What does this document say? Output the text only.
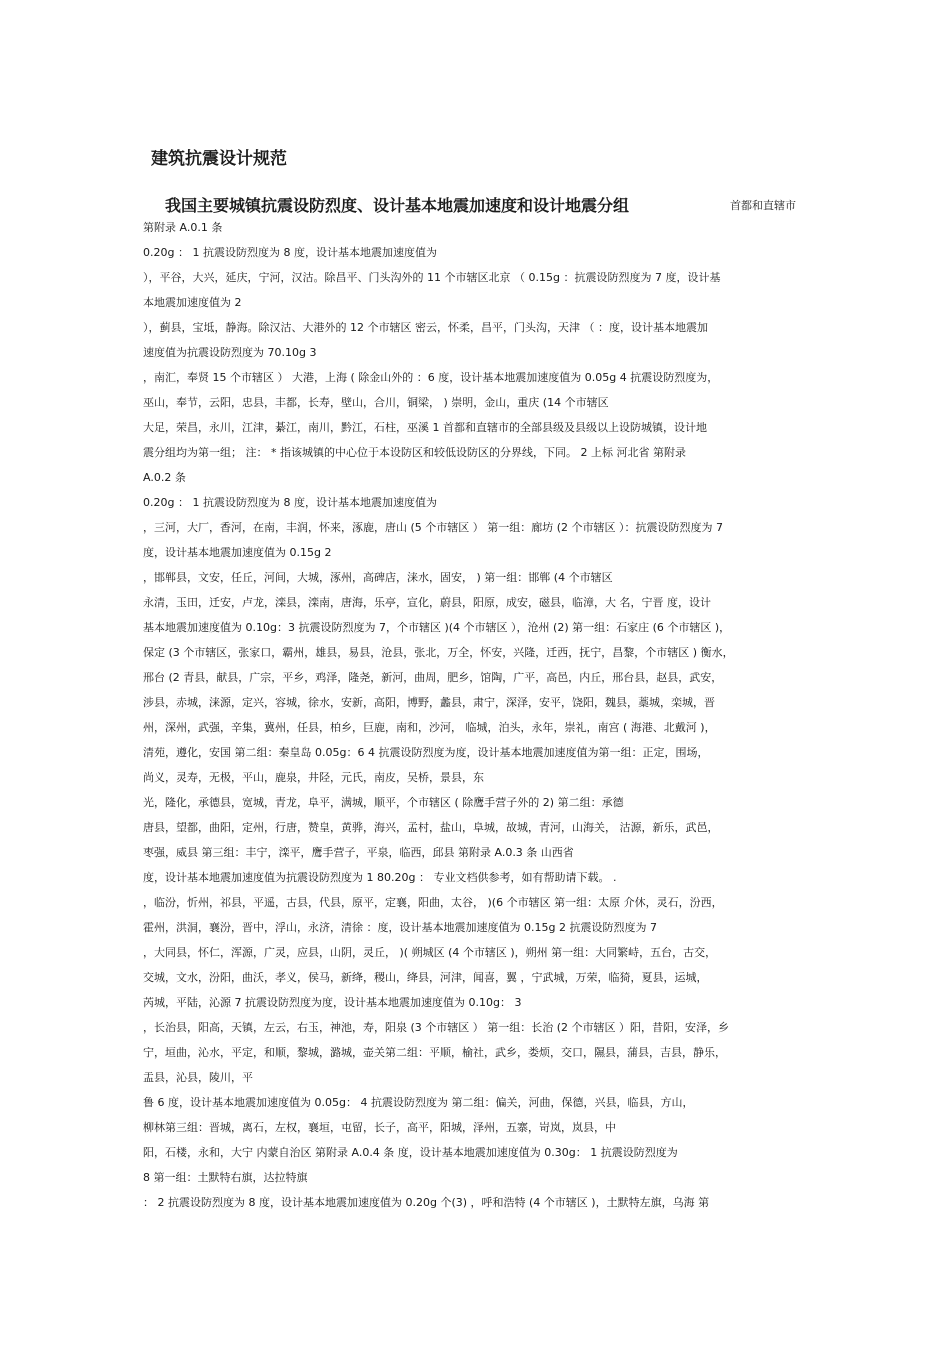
建筑抗震设计规范
我国主要城镇抗震设防烈度、设计基本地震加速度和设计地震分组	首都和直辖市
第附录 A.0.1 条
0.20g ： 1 抗震设防烈度为 8 度，设计基本地震加速度值为
），平谷，大兴，延庆，宁河，汉沽。除昌平、门头沟外的 11 个市辖区北京 （ 0.15g ：抗震设防烈度为 7 度，设计基
本地震加速度值为 2
），蓟县，宝坻，静海。除汉沽、大港外的 12 个市辖区 密云，怀柔，昌平，门头沟，天津 （ ：度，设计基本地震加
速度值为抗震设防烈度为 70.10g 3
，南汇，奉贤 15 个市辖区 ） 大港，上海 ( 除金山外的 ：6 度，设计基本地震加速度值为 0.05g 4 抗震设防烈度为，
巫山，奉节，云阳，忠县，丰都，长寿，壁山，合川，铜梁， ) 崇明，金山，重庆 (14 个市辖区
大足，荣昌，永川，江津，綦江，南川，黔江，石柱，巫溪 1 首都和直辖市的全部县级及县级以上设防城镇，设计地
震分组均为第一组； 注： * 指该城镇的中心位于本设防区和较低设防区的分界线，下同。 2 上标 河北省 第附录
A.0.2 条
0.20g ： 1 抗震设防烈度为 8 度，设计基本地震加速度值为
，三河，大厂，香河，在南，丰润，怀来，涿鹿，唐山 (5 个市辖区 ） 第一组：廊坊 (2 个市辖区 ）：抗震设防烈度为 7
度，设计基本地震加速度值为 0.15g 2
，邯郸县，文安，任丘，河间，大城，涿州，高碑店，涞水，固安， ) 第一组：邯郸 (4 个市辖区
永清，玉田，迁安，卢龙，滦县，滦南，唐海，乐亭，宣化，蔚县，阳原，成安，磁县，临漳，大 名，宁晋 度，设计
基本地震加速度值为 0.10g：3 抗震设防烈度为 7，个市辖区 )(4 个市辖区 ），沧州 (2) 第一组：石家庄 (6 个市辖区 )，
保定 (3 个市辖区，张家口，霸州，雄县，易县，沧县，张北，万全，怀安，兴隆，迁西，抚宁，昌黎，个市辖区 ) 衡水，
邢台 (2 青县，献县，广宗，平乡，鸡泽，隆尧，新河，曲周，肥乡，馆陶，广平，高邑，内丘，邢台县，赵县，武安，
涉县，赤城，涞源，定兴，容城，徐水，安新，高阳，博野，蠡县，肃宁，深泽，安平，饶阳，魏县，藁城，栾城，晋
州，深州，武强，辛集，冀州，任县，柏乡，巨鹿，南和，沙河， 临城，泊头，永年，崇礼，南宫 ( 海港、北戴河 )，
清苑，遵化，安国 第二组：秦皇岛 0.05g：6 4 抗震设防烈度为度，设计基本地震加速度值为第一组：正定，围场，
尚义，灵寿，无极，平山，鹿泉，井陉，元氏，南皮，吴桥，景县，东
光，隆化，承德县，宽城，青龙，阜平，满城，顺平，个市辖区 ( 除鹰手营子外的 2) 第二组：承德
唐县，望都，曲阳，定州，行唐，赞皇，黄骅，海兴，孟村，盐山，阜城，故城，青河，山海关， 沽源，新乐，武邑，
枣强，威县 第三组：丰宁，滦平，鹰手营子，平泉，临西，邱县 第附录 A.0.3 条 山西省
度，设计基本地震加速度值为抗震设防烈度为 1 80.20g ： 专业文档供参考，如有帮助请下载。 .
，临汾，忻州，祁县，平遥，古县，代县，原平，定襄，阳曲，太谷， )(6 个市辖区 第一组：太原 介休，灵石，汾西，
霍州，洪洞，襄汾，晋中，浮山，永济，清徐 ：度，设计基本地震加速度值为 0.15g 2 抗震设防烈度为 7
，大同县，怀仁，浑源，广灵，应县，山阴，灵丘， )( 朔城区 (4 个市辖区 )，朔州 第一组：大同繁峙，五台，古交，
交城，文水，汾阳，曲沃，孝义，侯马，新绛，稷山，绛县，河津，闻喜，翼 ，宁武城，万荣，临猗，夏县，运城，
芮城，平陆，沁源 7 抗震设防烈度为度，设计基本地震加速度值为 0.10g： 3
，长治县，阳高，天镇，左云，右玉，神池，寿，阳泉 (3 个市辖区 ） 第一组：长治 (2 个市辖区 ）阳，昔阳，安泽，乡
宁，垣曲，沁水，平定，和顺，黎城，潞城，壶关第二组：平顺，榆社，武乡，娄烦，交口，隰县，蒲县，吉县，静乐，
盂县，沁县，陵川，平
鲁 6 度，设计基本地震加速度值为 0.05g： 4 抗震设防烈度为 第二组：偏关，河曲，保德，兴县，临县，方山，
柳林第三组：晋城，离石，左权，襄垣，屯留，长子，高平，阳城，泽州，五寨，岢岚，岚县，中
阳，石楼，永和，大宁 内蒙自治区 第附录 A.0.4 条 度，设计基本地震加速度值为 0.30g： 1 抗震设防烈度为
8 第一组：土默特右旗，达拉特旗
： 2 抗震设防烈度为 8 度，设计基本地震加速度值为 0.20g 个(3) ，呼和浩特 (4 个市辖区 )，土默特左旗，乌海 第
